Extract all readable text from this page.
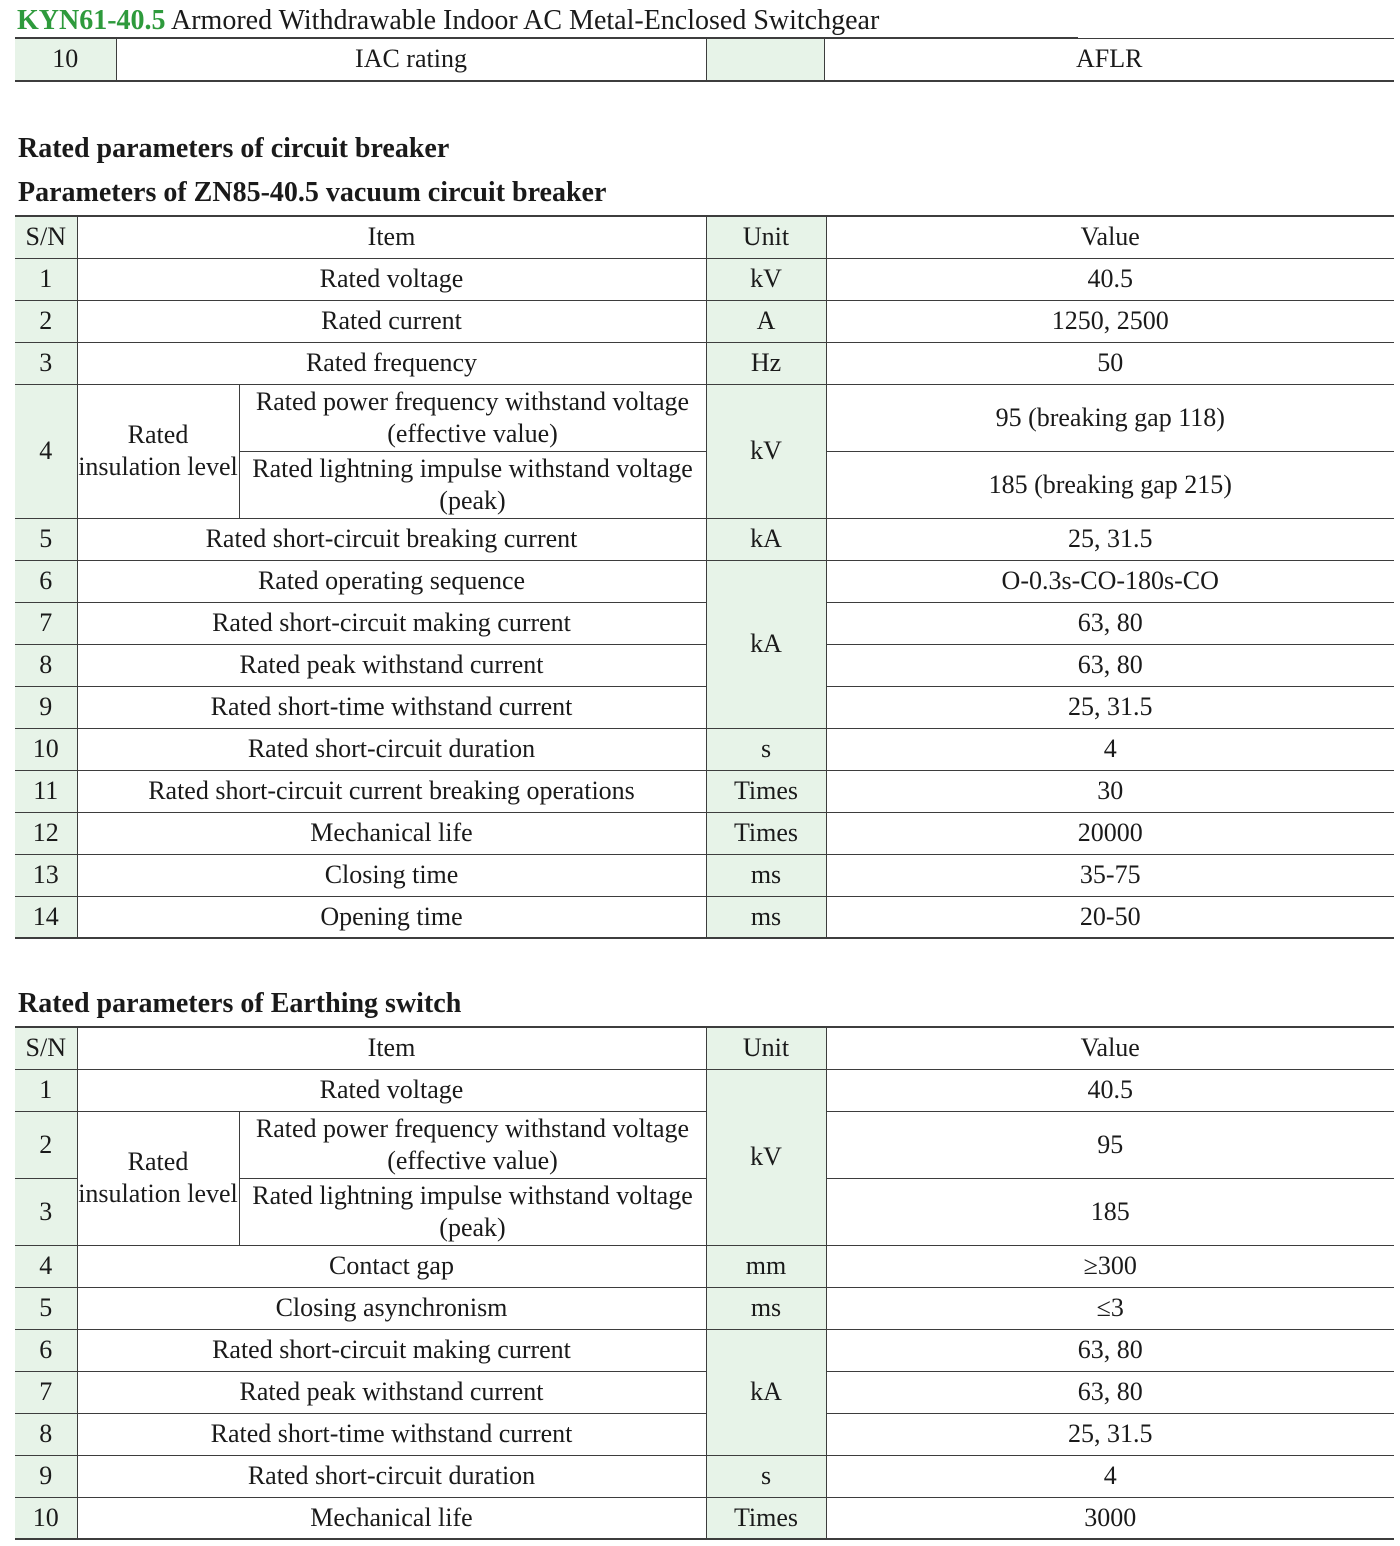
KYN61-40.5 Armored Withdrawable Indoor AC Metal-Enclosed Switchgear
10	IAC rating		AFLR
Rated parameters of circuit breaker
Parameters of ZN85-40.5 vacuum circuit breaker
S/N	Item		Unit	Value
1	Rated voltage		kV	40.5
2	Rated current		A	1250, 2500
3	Rated frequency		Hz	50
4	Rated insulation level	Rated power frequency withstand voltage (effective value)	kV	95 (breaking gap 118)
		Rated lightning impulse withstand voltage (peak)		185 (breaking gap 215)
5	Rated short-circuit breaking current		kA	25, 31.5
6	Rated operating sequence		kA	O-0.3s-CO-180s-CO
7	Rated short-circuit making current			63, 80
8	Rated peak withstand current			63, 80
9	Rated short-time withstand current			25, 31.5
10	Rated short-circuit duration		s	4
11	Rated short-circuit current breaking operations		Times	30
12	Mechanical life		Times	20000
13	Closing time		ms	35-75
14	Opening time		ms	20-50
Rated parameters of Earthing switch
S/N	Item		Unit	Value
1	Rated voltage		kV	40.5
2	Rated insulation level	Rated power frequency withstand voltage (effective value)		95
3		Rated lightning impulse withstand voltage (peak)		185
4	Contact gap		mm	≥300
5	Closing asynchronism		ms	≤3
6	Rated short-circuit making current		kA	63, 80
7	Rated peak withstand current			63, 80
8	Rated short-time withstand current			25, 31.5
9	Rated short-circuit duration		s	4
10	Mechanical life		Times	3000
